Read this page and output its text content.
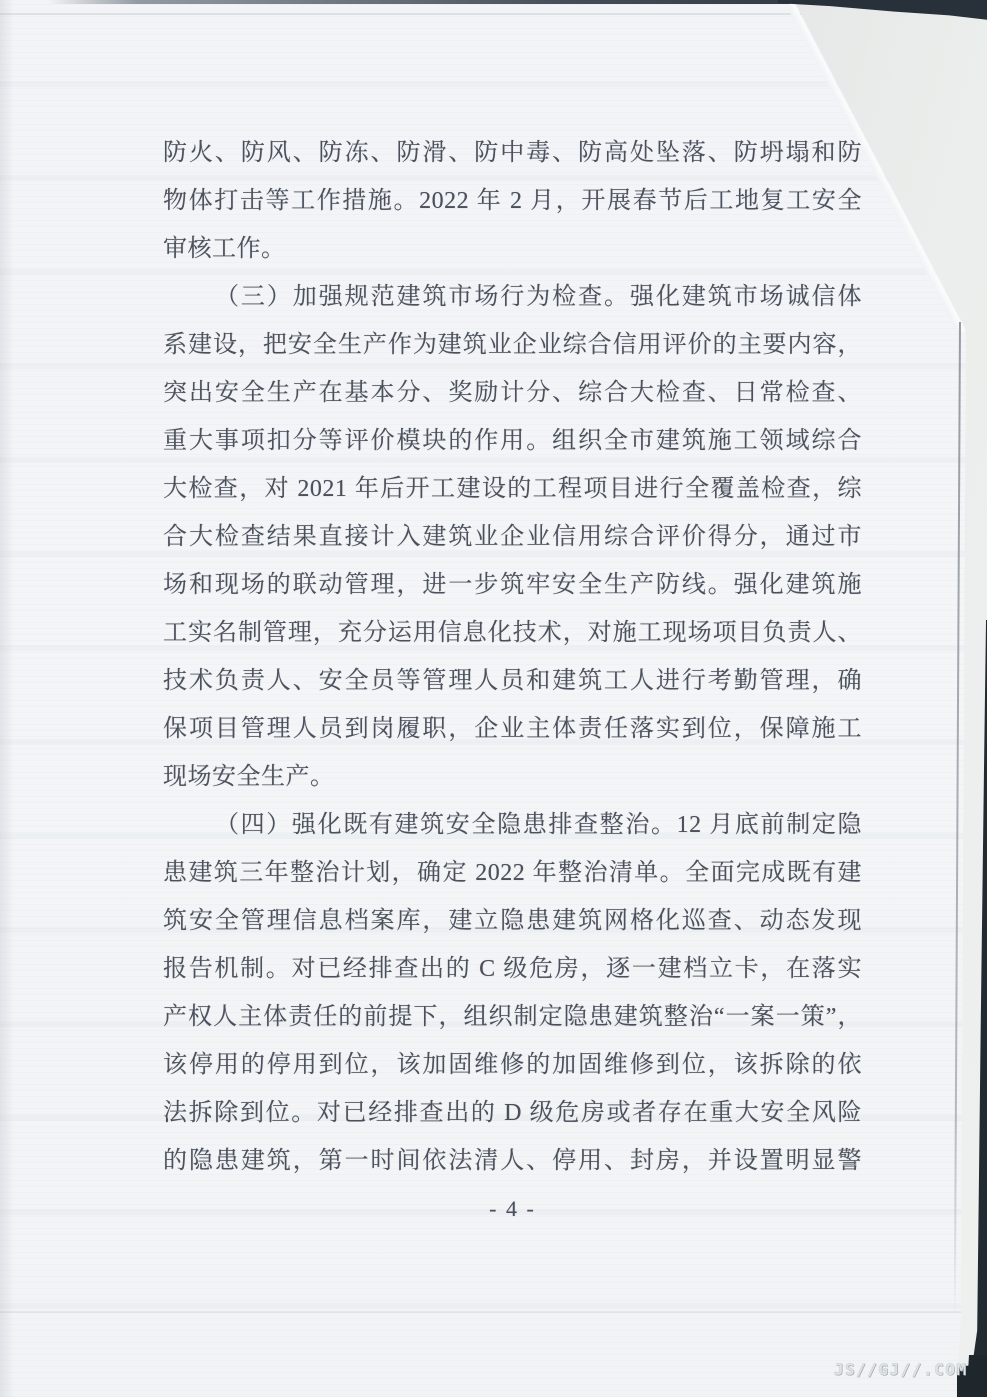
防火、防风、防冻、防滑、防中毒、防高处坠落、防坍塌和防
物体打击等工作措施。2022 年 2 月，开展春节后工地复工安全
审核工作。
（三）加强规范建筑市场行为检查。强化建筑市场诚信体
系建设，把安全生产作为建筑业企业综合信用评价的主要内容，
突出安全生产在基本分、奖励计分、综合大检查、日常检查、
重大事项扣分等评价模块的作用。组织全市建筑施工领域综合
大检查，对 2021 年后开工建设的工程项目进行全覆盖检查，综
合大检查结果直接计入建筑业企业信用综合评价得分，通过市
场和现场的联动管理，进一步筑牢安全生产防线。强化建筑施
工实名制管理，充分运用信息化技术，对施工现场项目负责人、
技术负责人、安全员等管理人员和建筑工人进行考勤管理，确
保项目管理人员到岗履职，企业主体责任落实到位，保障施工
现场安全生产。
（四）强化既有建筑安全隐患排查整治。12 月底前制定隐
患建筑三年整治计划，确定 2022 年整治清单。全面完成既有建
筑安全管理信息档案库，建立隐患建筑网格化巡查、动态发现
报告机制。对已经排查出的 C 级危房，逐一建档立卡，在落实
产权人主体责任的前提下，组织制定隐患建筑整治“一案一策”，
该停用的停用到位，该加固维修的加固维修到位，该拆除的依
法拆除到位。对已经排查出的 D 级危房或者存在重大安全风险
的隐患建筑，第一时间依法清人、停用、封房，并设置明显警
- 4 -
JS//GJ//.COM
